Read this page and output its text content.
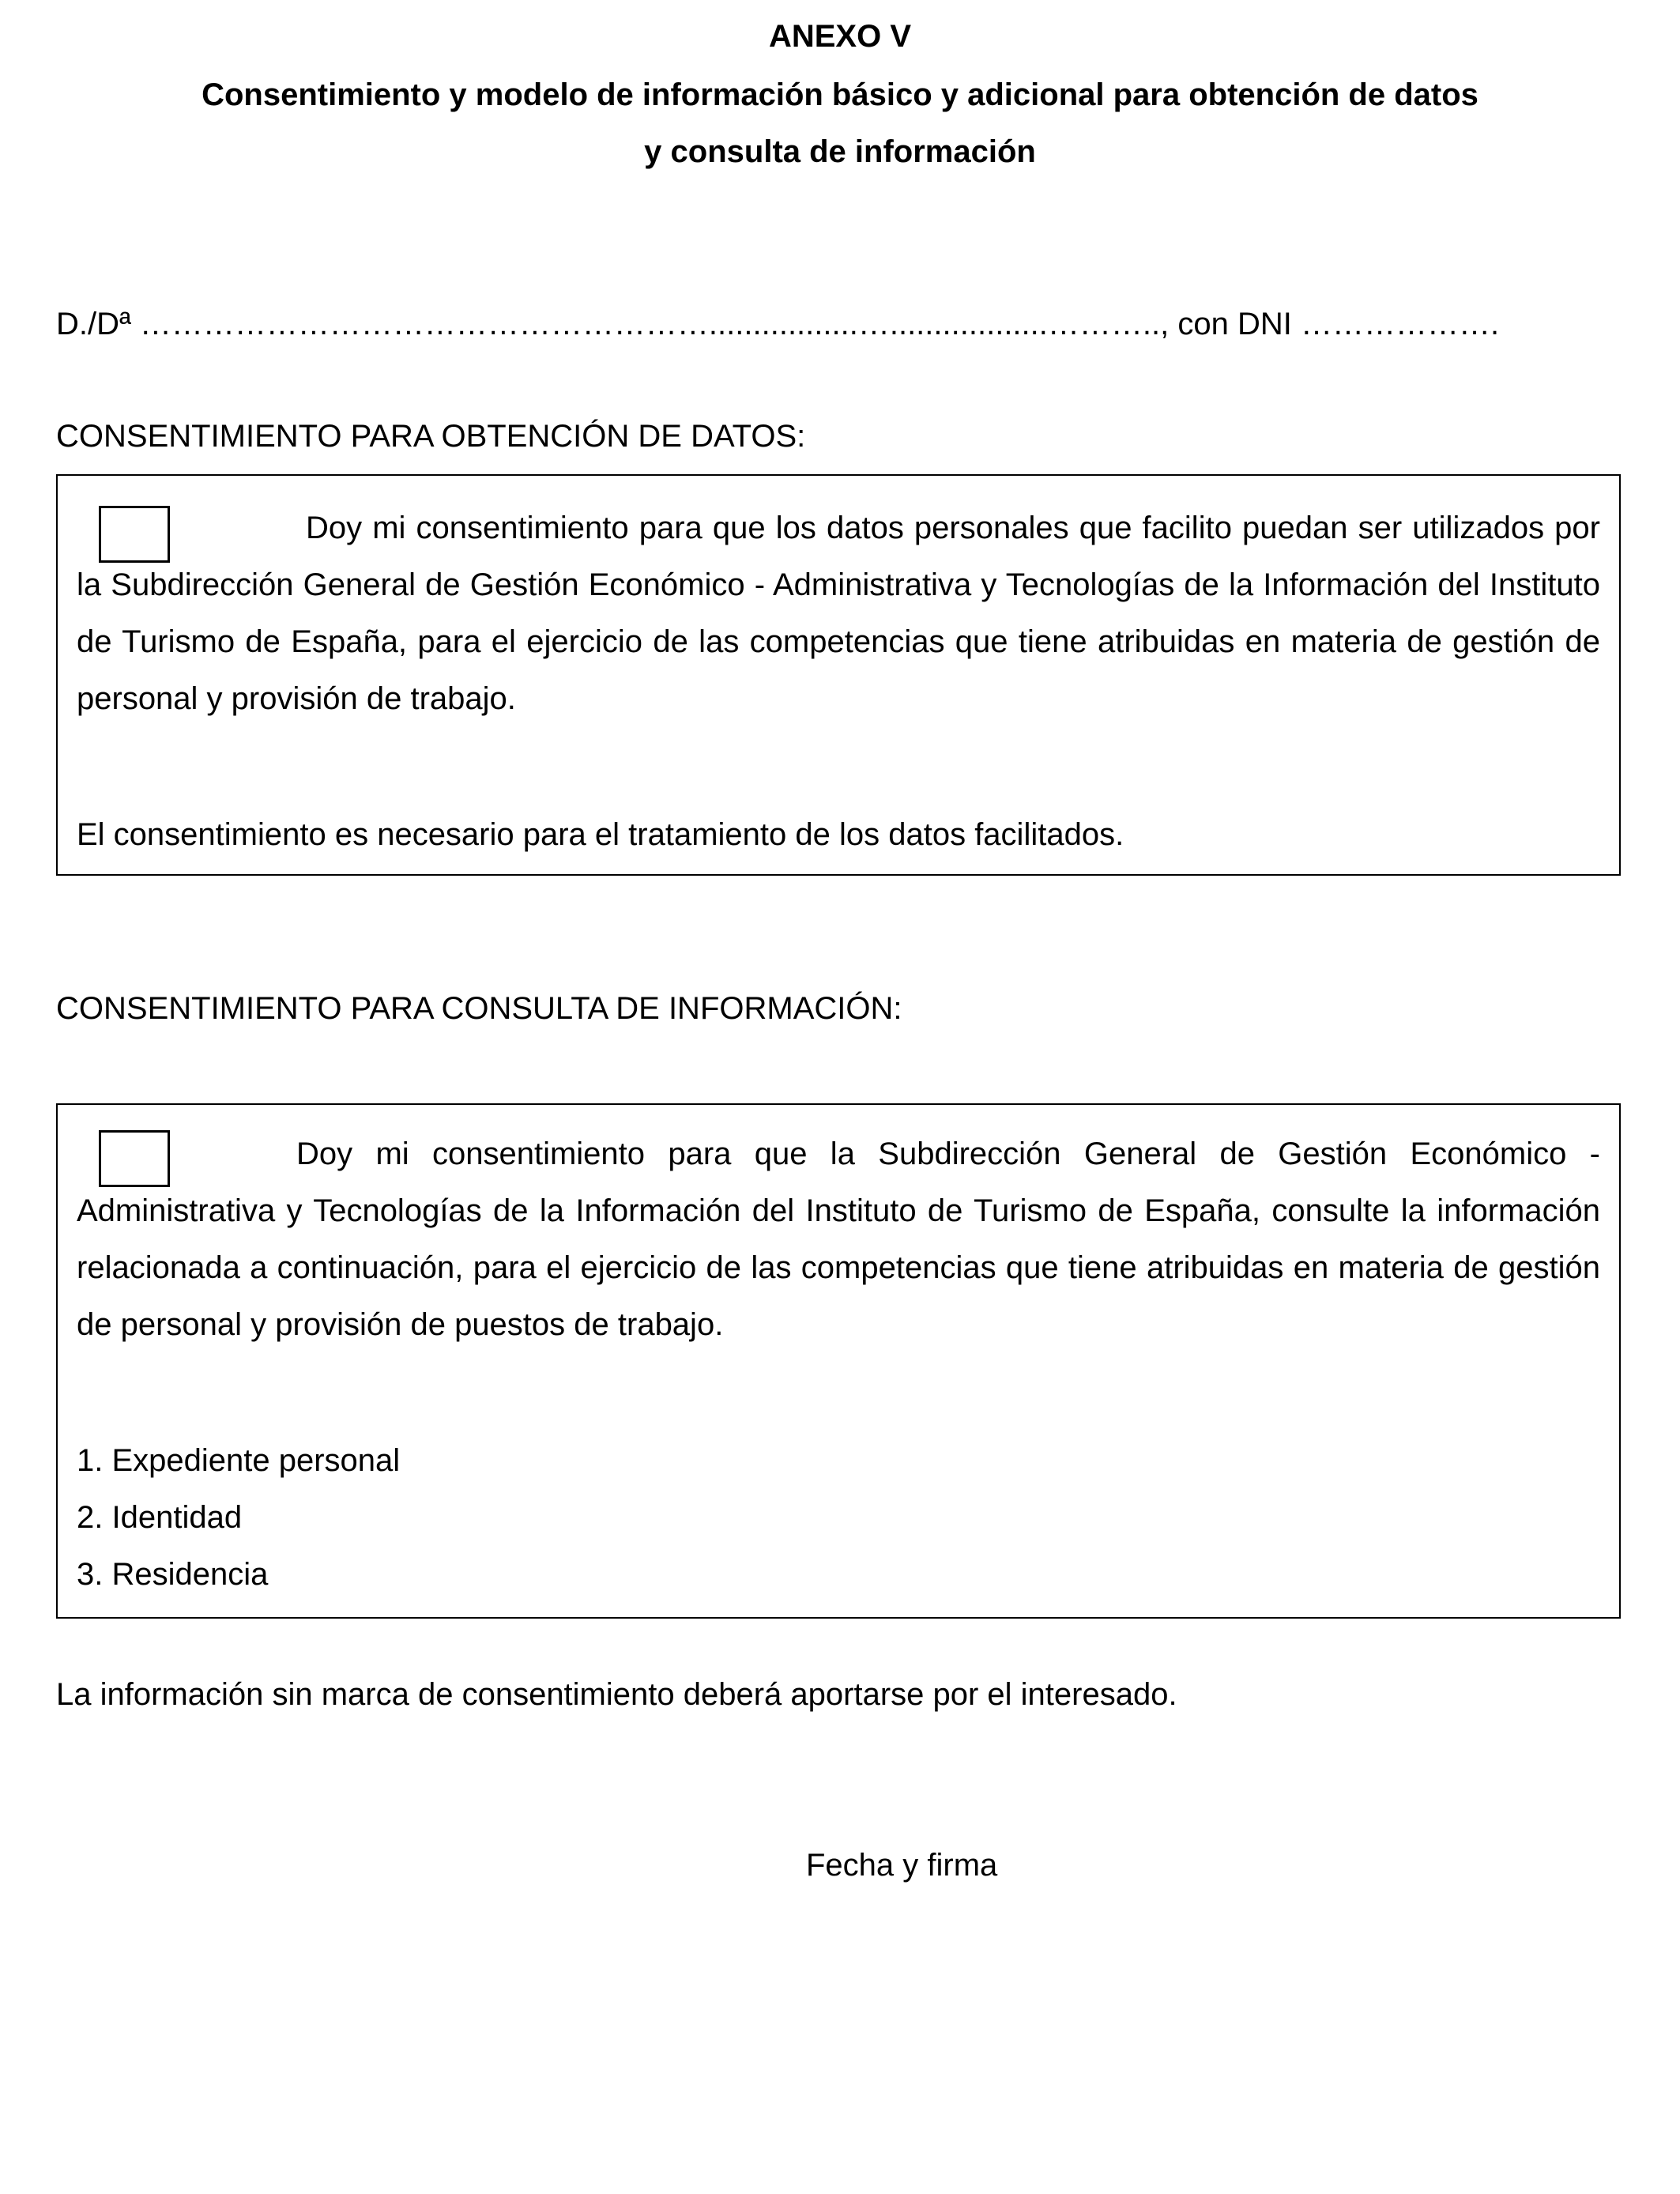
ANEXO V
Consentimiento y modelo de información básico y adicional para obtención de datos
y consulta de información
D./Dª ……………………………………………….................…..................……….., con DNI ……………….
CONSENTIMIENTO PARA OBTENCIÓN DE DATOS:

Doy mi consentimiento para que los datos personales que facilito puedan ser utilizados por la Subdirección General de Gestión Económico - Administrativa y Tecnologías de la Información del Instituto de Turismo de España, para el ejercicio de las competencias que tiene atribuidas en materia de gestión de personal y provisión de trabajo.

El consentimiento es necesario para el tratamiento de los datos facilitados.

CONSENTIMIENTO PARA CONSULTA DE INFORMACIÓN:

Doy mi consentimiento para que la Subdirección General de Gestión Económico - Administrativa y Tecnologías de la Información del Instituto de Turismo de España, consulte la información relacionada a continuación, para el ejercicio de las competencias que tiene atribuidas en materia de gestión de personal y provisión de puestos de trabajo.

1. Expediente personal
2. Identidad
3. Residencia
La información sin marca de consentimiento deberá aportarse por el interesado.
Fecha y firma
